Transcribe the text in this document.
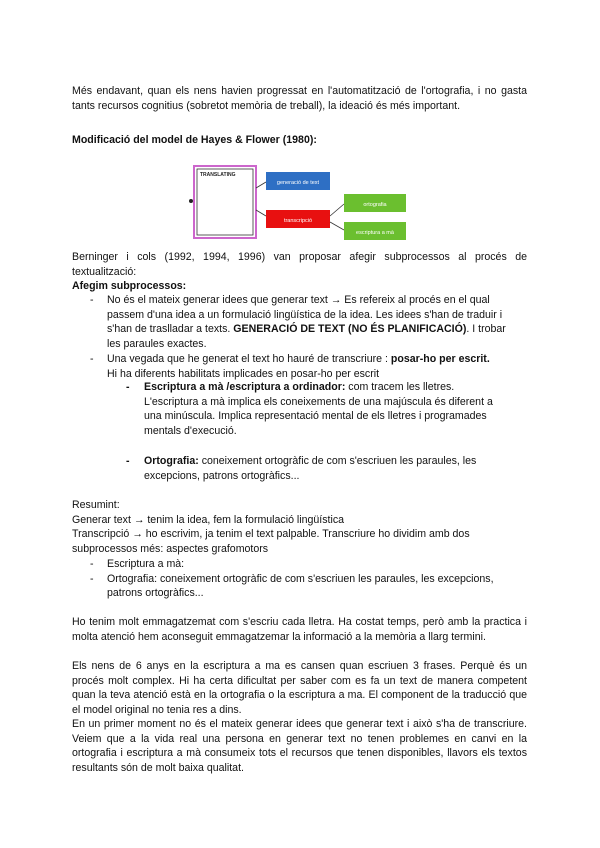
Més endavant, quan els nens havien progressat en l'automatització de l'ortografia, i no gasta tants recursos cognitius (sobretot memòria de treball), la ideació és més important.
Modificació del model de Hayes & Flower (1980):
TRANSLATING
generació de text
transcripció
ortografia
escriptura a mà
Berninger i cols (1992, 1994, 1996) van proposar afegir subprocessos al procés de textualització:
Afegim subprocessos:
- No és el mateix generar idees que generar text → Es refereix al procés en el qual
passem d'una idea a un formulació lingüística de la idea. Les idees s'han de traduir i
s'han de traslladar a texts. GENERACIÓ DE TEXT (NO ÉS PLANIFICACIÓ). I trobar
les paraules exactes.
- Una vegada que he generat el text ho hauré de transcriure : posar-ho per escrit.
Hi ha diferents habilitats implicades en posar-ho per escrit
- Escriptura a mà /escriptura a ordinador: com tracem les lletres.
L'escriptura a mà implica els coneixements de una majúscula és diferent a
una minúscula. Implica representació mental de els lletres i programades
mentals d'execució.
- Ortografia: coneixement ortogràfic de com s'escriuen les paraules, les
excepcions, patrons ortogràfics...
Resumint:
Generar text → tenim la idea, fem la formulació lingüística
Transcripció → ho escrivim, ja tenim el text palpable. Transcriure ho dividim amb dos
subprocessos més: aspectes grafomotors
- Escriptura a mà:
- Ortografia: coneixement ortogràfic de com s'escriuen les paraules, les excepcions,
patrons ortogràfics...
Ho tenim molt emmagatzemat com s'escriu cada lletra. Ha costat temps, però amb la practica i molta atenció hem aconseguit emmagatzemar la informació a la memòria a llarg termini.
Els nens de 6 anys en la escriptura a ma es cansen quan escriuen 3 frases. Perquè és un procés molt complex. Hi ha certa dificultat per saber com es fa un text de manera competent quan la teva atenció està en la ortografia o la escriptura a ma. El component de la traducció que el model original no tenia res a dins.
En un primer moment no és el mateix generar idees que generar text i això s'ha de transcriure. Veiem que a la vida real una persona en generar text no tenen problemes en canvi en la ortografia i escriptura a mà consumeix tots el recursos que tenen disponibles, llavors els textos resultants són de molt baixa qualitat.
